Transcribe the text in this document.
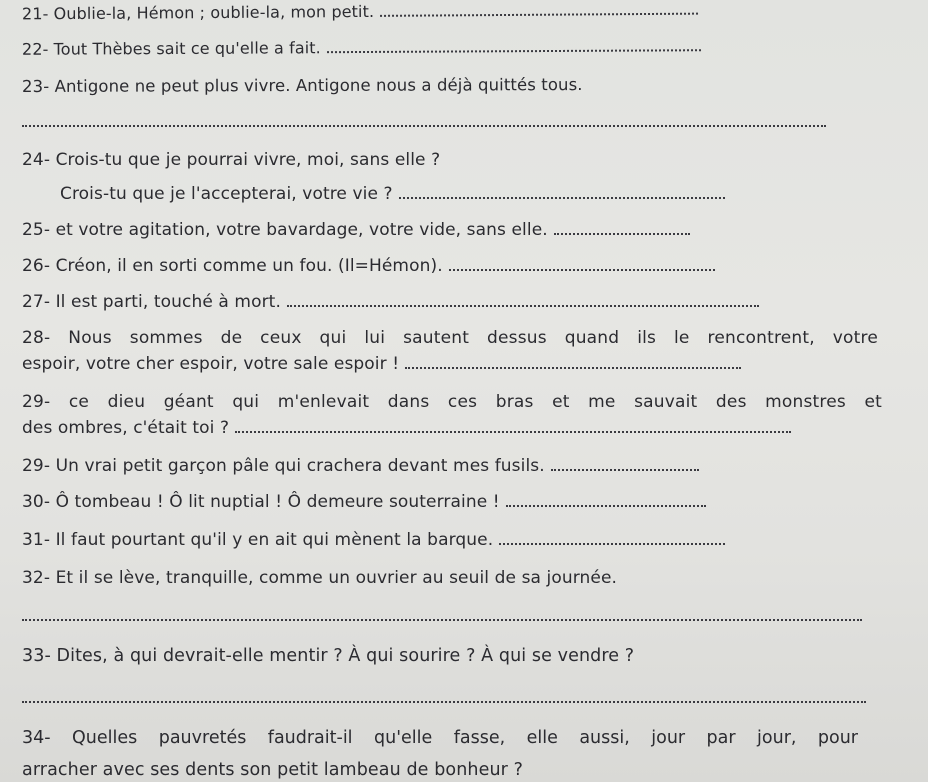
21- Oublie-la, Hémon ; oublie-la, mon petit.
22- Tout Thèbes sait ce qu'elle a fait.
23- Antigone ne peut plus vivre. Antigone nous a déjà quittés tous.
24- Crois-tu que je pourrai vivre, moi, sans elle ?
Crois-tu que je l'accepterai, votre vie ?
25- et votre agitation, votre bavardage, votre vide, sans elle.
26- Créon, il en sorti comme un fou. (Il=Hémon).
27- Il est parti, touché à mort.
28- Nous sommes de ceux qui lui sautent dessus quand ils le rencontrent, votre
espoir, votre cher espoir, votre sale espoir !
29- ce dieu géant qui m'enlevait dans ces bras et me sauvait des monstres et
des ombres, c'était toi ?
29- Un vrai petit garçon pâle qui crachera devant mes fusils.
30- Ô tombeau ! Ô lit nuptial ! Ô demeure souterraine !
31- Il faut pourtant qu'il y en ait qui mènent la barque.
32- Et il se lève, tranquille, comme un ouvrier au seuil de sa journée.
33- Dites, à qui devrait-elle mentir ? À qui sourire ? À qui se vendre ?
34- Quelles pauvretés faudrait-il qu'elle fasse, elle aussi, jour par jour, pour
arracher avec ses dents son petit lambeau de bonheur ?
